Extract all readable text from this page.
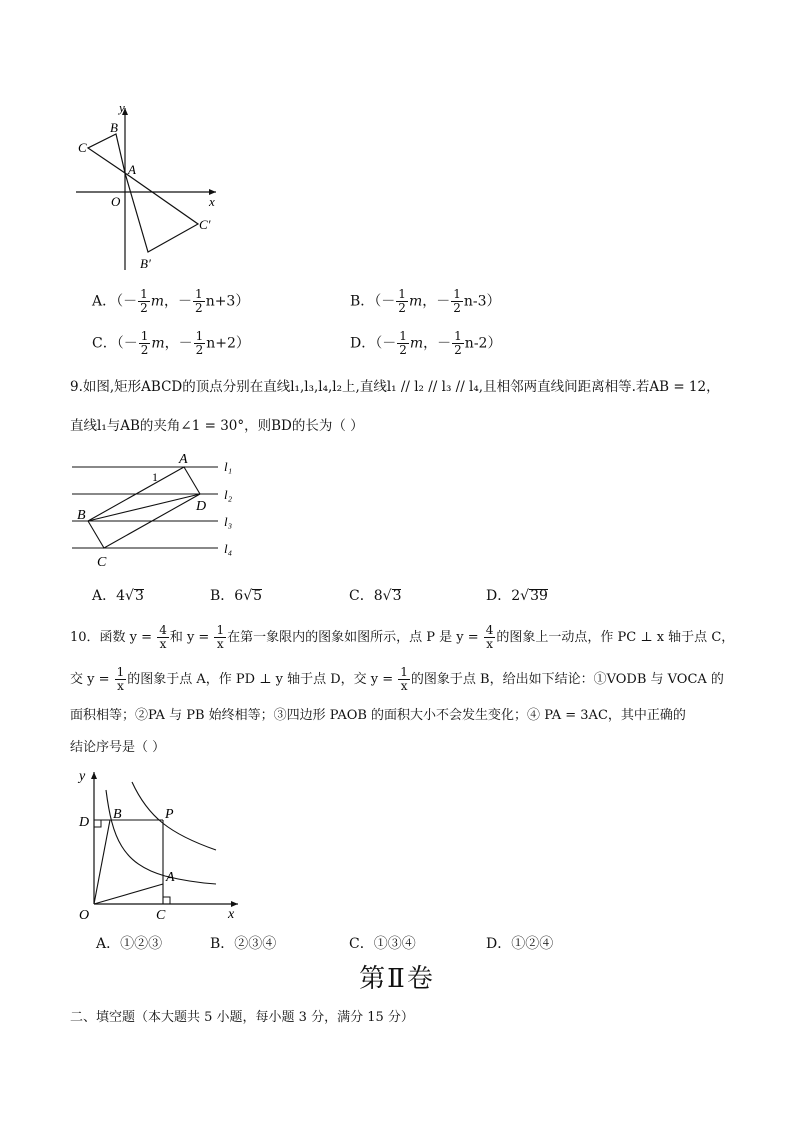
y
x
O
A
B
C
B′
C′
A．（－ $\frac{1}{2}$ m，－ $\frac{1}{2} n+3$）	B．（－ $\frac{1}{2}$ m，－ $\frac{1}{2} n-3$）
C．（－ $\frac{1}{2}$ m，－ $\frac{1}{2} n+2$）	D．（－ $\frac{1}{2}$ m，－ $\frac{1}{2} n-2$）
9.如图,矩形ABCD的顶点分别在直线l₁,l₃,l₄,l₂上,直线l₁ // l₂ // l₃ // l₄,且相邻两直线间距离相等.若AB = 12，
直线l₁与AB的夹角∠1 = 30°，则BD的长为（ ）
A
B
C
D
1
l₁
l₂
l₃
l₄
A．4√3	B．6√5	C．8√3	D．2√39
10．函数 $y = \frac{4}{x}$ 和 $y = \frac{1}{x}$ 在第一象限内的图象如图所示，点 P 是 $y = \frac{4}{x}$ 的图象上一动点，作 PC ⊥ x 轴于点 C，
交 $y = \frac{1}{x}$ 的图象于点 A，作 PD ⊥ y 轴于点 D，交 $y = \frac{1}{x}$ 的图象于点 B，给出如下结论：①VODB 与 VOCA 的
面积相等；②PA 与 PB 始终相等；③四边形 PAOB 的面积大小不会发生变化；④ PA = 3AC，其中正确的
结论序号是（ ）
y
x
O
B	P
D
A
C
A．①②③	B．②③④	C．①③④	D．①②④
第Ⅱ卷
二、填空题（本大题共 5 小题，每小题 3 分，满分 15 分）
